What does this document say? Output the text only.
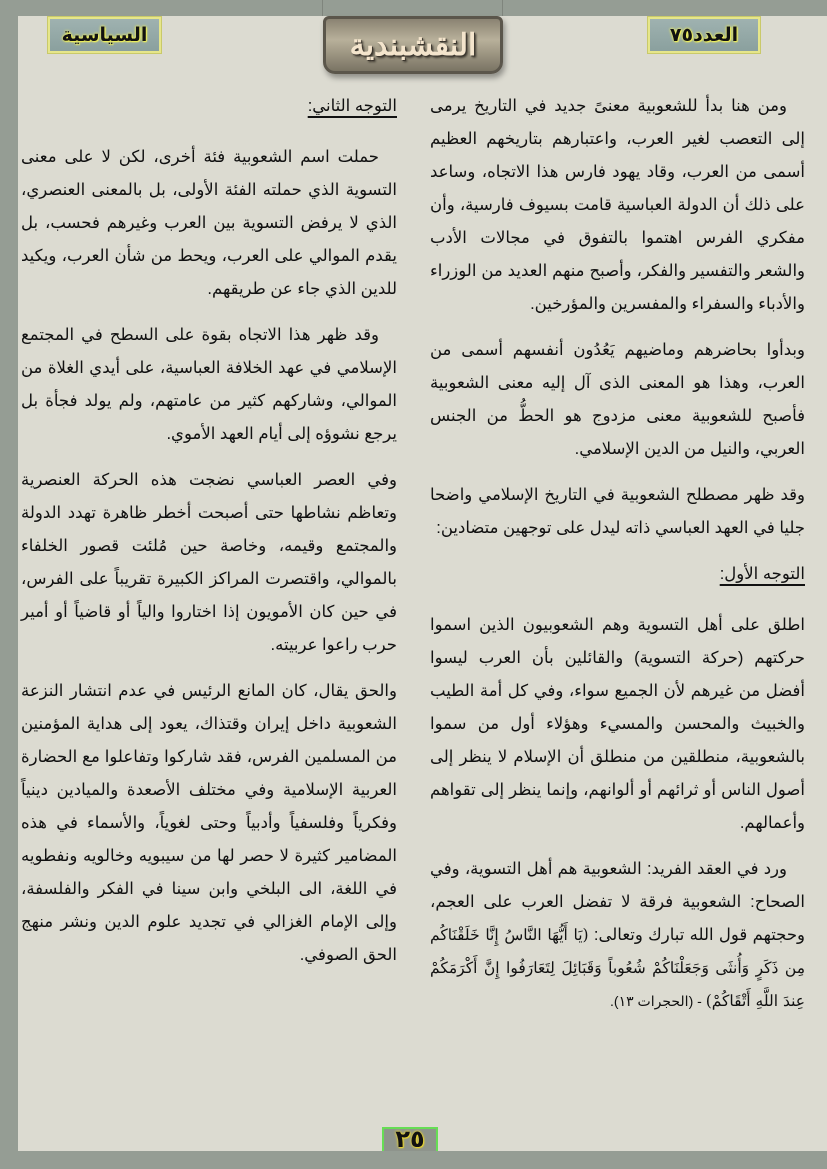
السياسية	النقشبندية	العدد٧٥

ومن هنا بدأ للشعوبية معنىً جديد في التاريخ يرمى إلى التعصب لغير العرب، واعتبارهم بتاريخهم العظيم أسمى من العرب، وقاد يهود فارس هذا الاتجاه، وساعد على ذلك أن الدولة العباسية قامت بسيوف فارسية، وأن مفكري الفرس اهتموا بالتفوق في مجالات الأدب والشعر والتفسير والفكر، وأصبح منهم العديد من الوزراء والأدباء والسفراء والمفسرين والمؤرخين.

وبدأوا بحاضرهم وماضيهم يَعُدُون أنفسهم أسمى من العرب، وهذا هو المعنى الذى آل إليه معنى الشعوبية فأصبح للشعوبية معنى مزدوج هو الحطُّ من الجنس العربي، والنيل من الدين الإسلامي.

وقد ظهر مصطلح الشعوبية في التاريخ الإسلامي واضحا جليا في العهد العباسي ذاته ليدل على توجهين متضادين:

التوجه الأول:

اطلق على أهل التسوية وهم الشعوبيون الذين اسموا حركتهم (حركة التسوية) والقائلين بأن العرب ليسوا أفضل من غيرهم لأن الجميع سواء، وفي كل أمة الطيب والخبيث والمحسن والمسيء وهؤلاء أول من سموا بالشعوبية، منطلقين من منطلق أن الإسلام لا ينظر إلى أصول الناس أو ثرائهم أو ألوانهم، وإنما ينظر إلى تقواهم وأعمالهم.

ورد في العقد الفريد: الشعوبية هم أهل التسوية، وفي الصحاح: الشعوبية فرقة لا تفضل العرب على العجم، وحجتهم قول الله تبارك وتعالى: (يَا أَيُّهَا النَّاسُ إِنَّا خَلَقْنَاكُم مِن ذَكَرٍ وَأُنثَى وَجَعَلْنَاكُمْ شُعُوباً وَقَبَائِلَ لِتَعَارَفُوا إِنَّ أَكْرَمَكُمْ عِندَ اللَّهِ أَتْقَاكُمْ) - (الحجرات ١٣).

التوجه الثاني:

حملت اسم الشعوبية فئة أخرى، لكن لا على معنى التسوية الذي حملته الفئة الأولى، بل بالمعنى العنصري، الذي لا يرفض التسوية بين العرب وغيرهم فحسب، بل يقدم الموالي على العرب، ويحط من شأن العرب، ويكيد للدين الذي جاء عن طريقهم.

وقد ظهر هذا الاتجاه بقوة على السطح في المجتمع الإسلامي في عهد الخلافة العباسية، على أيدي الغلاة من الموالي، وشاركهم كثير من عامتهم، ولم يولد فجأة بل يرجع نشوؤه إلى أيام العهد الأموي.

وفي العصر العباسي نضجت هذه الحركة العنصرية وتعاظم نشاطها حتى أصبحت أخطر ظاهرة تهدد الدولة والمجتمع وقيمه، وخاصة حين مُلئت قصور الخلفاء بالموالي، واقتصرت المراكز الكبيرة تقريباً على الفرس، في حين كان الأمويون إذا اختاروا والياً أو قاضياً أو أمير حرب راعوا عربيته.

والحق يقال، كان المانع الرئيس في عدم انتشار النزعة الشعوبية داخل إيران وقتذاك، يعود إلى هداية المؤمنين من المسلمين الفرس، فقد شاركوا وتفاعلوا مع الحضارة العربية الإسلامية وفي مختلف الأصعدة والميادين دينياً وفكرياً وفلسفياً وأدبياً وحتى لغوياً، والأسماء في هذه المضامير كثيرة لا حصر لها من سيبويه وخالويه ونفطويه في اللغة، الى البلخي وابن سينا في الفكر والفلسفة، وإلى الإمام الغزالي في تجديد علوم الدين ونشر منهج الحق الصوفي.

٢٥
